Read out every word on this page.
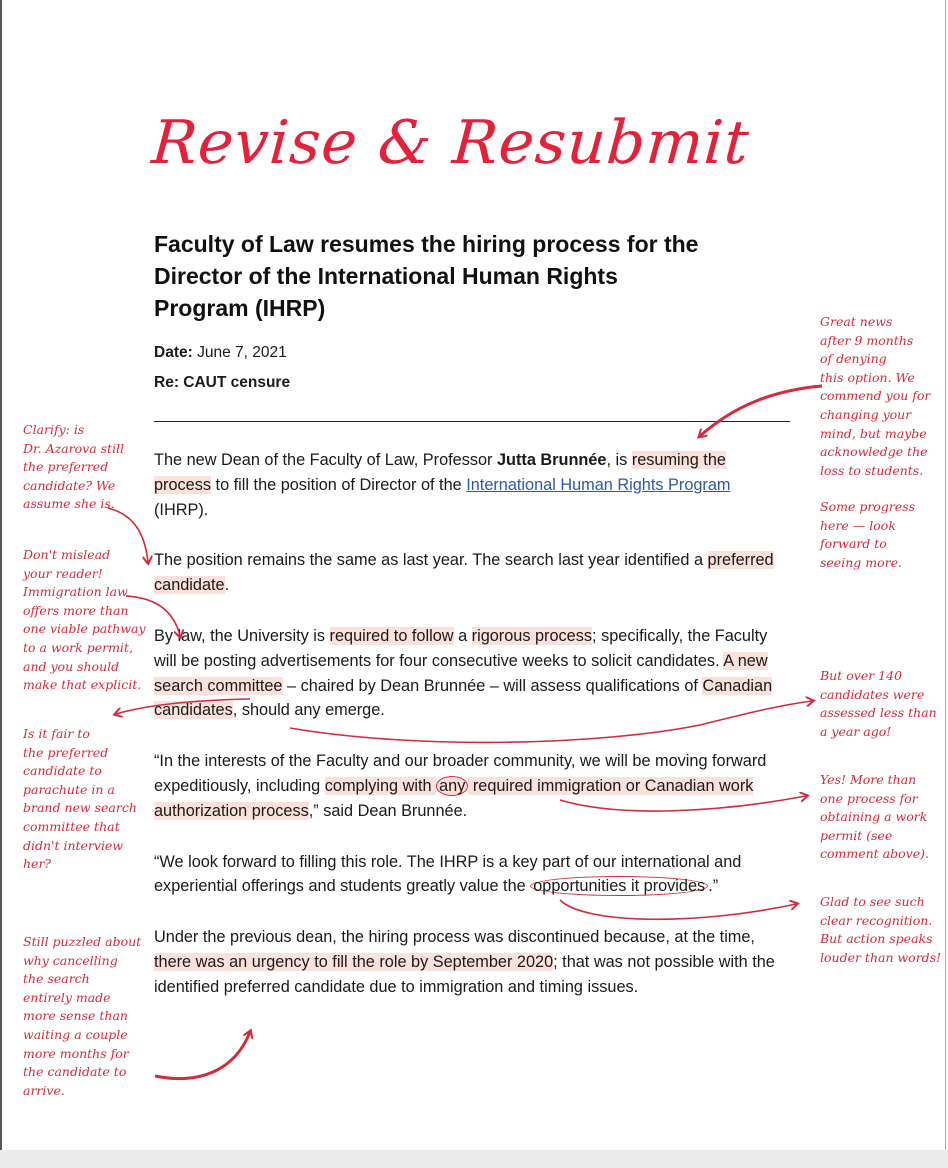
Revise & Resubmit
Faculty of Law resumes the hiring process for the Director of the International Human Rights Program (IHRP)
Date: June 7, 2021
Re: CAUT censure

The new Dean of the Faculty of Law, Professor Jutta Brunnée, is resuming the process to fill the position of Director of the International Human Rights Program (IHRP).

The position remains the same as last year. The search last year identified a preferred candidate.

By law, the University is required to follow a rigorous process; specifically, the Faculty will be posting advertisements for four consecutive weeks to solicit candidates. A new search committee – chaired by Dean Brunnée – will assess qualifications of Canadian candidates, should any emerge.

“In the interests of the Faculty and our broader community, we will be moving forward expeditiously, including complying with any required immigration or Canadian work authorization process,” said Dean Brunnée.

“We look forward to filling this role. The IHRP is a key part of our international and experiential offerings and students greatly value the opportunities it provides .”

Under the previous dean, the hiring process was discontinued because, at the time, there was an urgency to fill the role by September 2020; that was not possible with the identified preferred candidate due to immigration and timing issues.

Great news
after 9 months
of denying
this option. We
commend you for
changing your
mind, but maybe
acknowledge the
loss to students.
Some progress
here — look
forward to
seeing more.
But over 140
candidates were
assessed less than
a year ago!
Yes! More than
one process for
obtaining a work
permit (see
comment above).
Glad to see such
clear recognition.
But action speaks
louder than words!
Clarify: is
Dr. Azarova still
the preferred
candidate? We
assume she is.
Don't mislead
your reader!
Immigration law
offers more than
one viable pathway
to a work permit,
and you should
make that explicit.
Is it fair to
the preferred
candidate to
parachute in a
brand new search
committee that
didn't interview
her?
Still puzzled about
why cancelling
the search
entirely made
more sense than
waiting a couple
more months for
the candidate to
arrive.
